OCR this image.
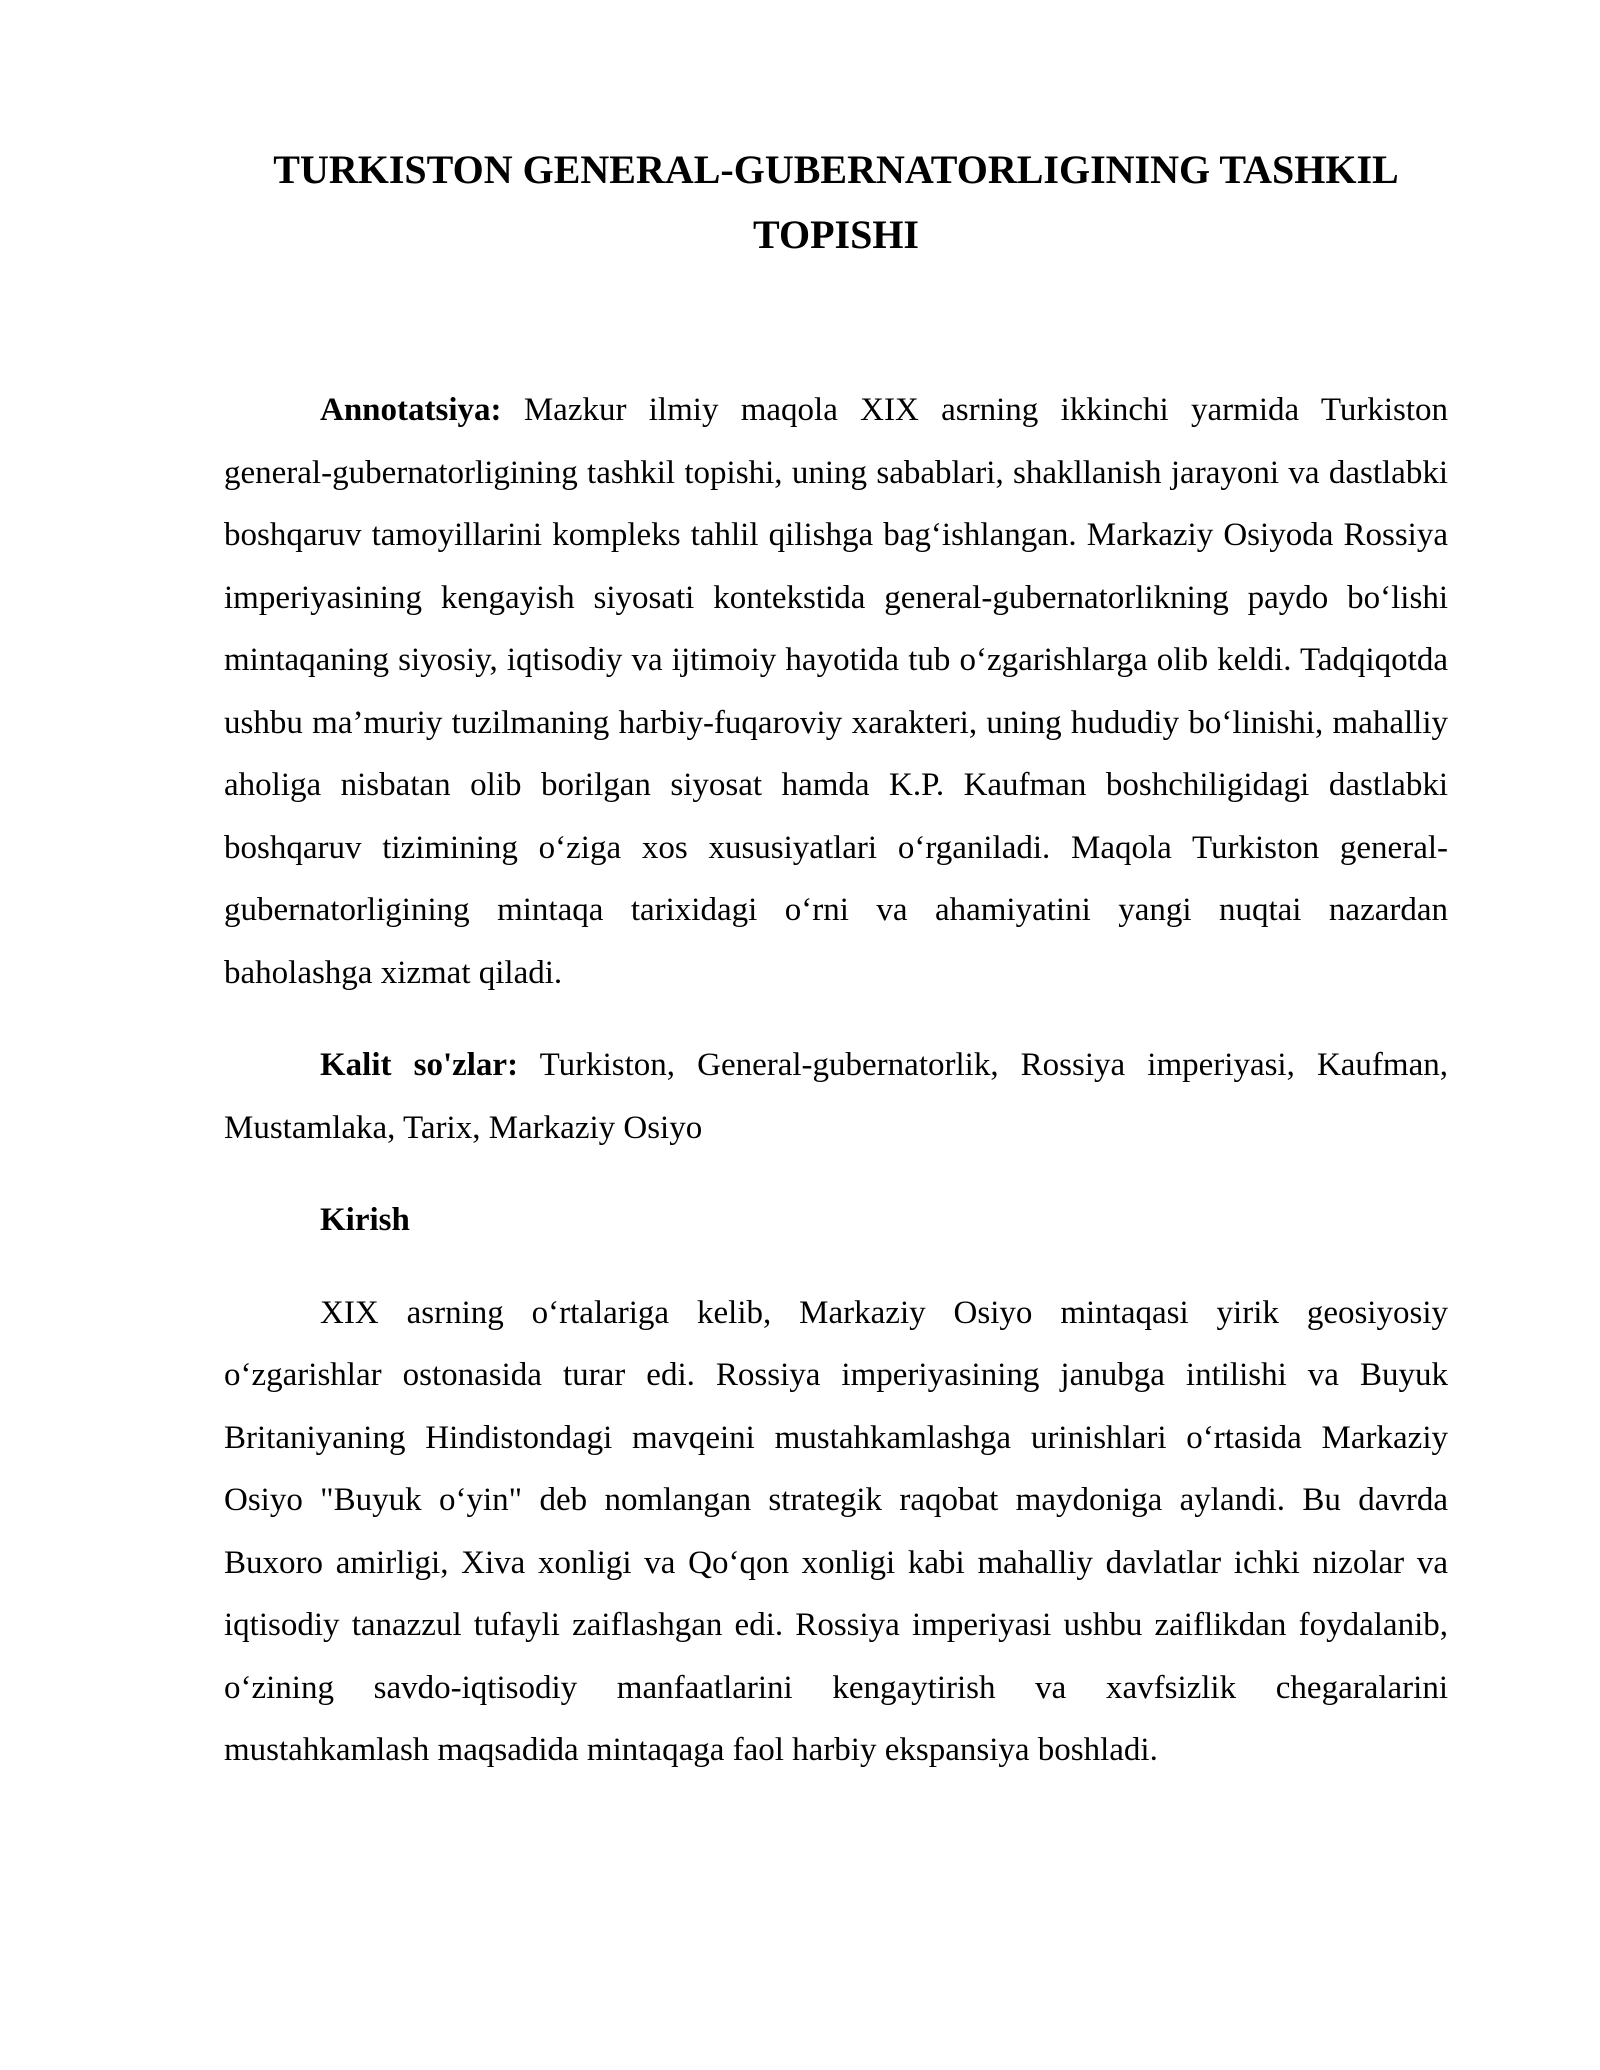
TURKISTON GENERAL-GUBERNATORLIGINING TASHKIL
TOPISHI

Annotatsiya: Mazkur ilmiy maqola XIX asrning ikkinchi yarmida Turkiston general-gubernatorligining tashkil topishi, uning sabablari, shakllanish jarayoni va dastlabki boshqaruv tamoyillarini kompleks tahlil qilishga bag‘ishlangan. Markaziy Osiyoda Rossiya imperiyasining kengayish siyosati kontekstida general-gubernatorlikning paydo bo‘lishi mintaqaning siyosiy, iqtisodiy va ijtimoiy hayotida tub o‘zgarishlarga olib keldi. Tadqiqotda ushbu ma’muriy tuzilmaning harbiy-fuqaroviy xarakteri, uning hududiy bo‘linishi, mahalliy aholiga nisbatan olib borilgan siyosat hamda K.P. Kaufman boshchiligidagi dastlabki boshqaruv tizimining o‘ziga xos xususiyatlari o‘rganiladi. Maqola Turkiston general-gubernatorligining mintaqa tarixidagi o‘rni va ahamiyatini yangi nuqtai nazardan baholashga xizmat qiladi.

Kalit so'zlar: Turkiston, General-gubernatorlik, Rossiya imperiyasi, Kaufman, Mustamlaka, Tarix, Markaziy Osiyo

Kirish

XIX asrning o‘rtalariga kelib, Markaziy Osiyo mintaqasi yirik geosiyosiy o‘zgarishlar ostonasida turar edi. Rossiya imperiyasining janubga intilishi va Buyuk Britaniyaning Hindistondagi mavqeini mustahkamlashga urinishlari o‘rtasida Markaziy Osiyo "Buyuk o‘yin" deb nomlangan strategik raqobat maydoniga aylandi. Bu davrda Buxoro amirligi, Xiva xonligi va Qo‘qon xonligi kabi mahalliy davlatlar ichki nizolar va iqtisodiy tanazzul tufayli zaiflashgan edi. Rossiya imperiyasi ushbu zaiflikdan foydalanib, o‘zining savdo-iqtisodiy manfaatlarini kengaytirish va xavfsizlik chegaralarini mustahkamlash maqsadida mintaqaga faol harbiy ekspansiya boshladi.
